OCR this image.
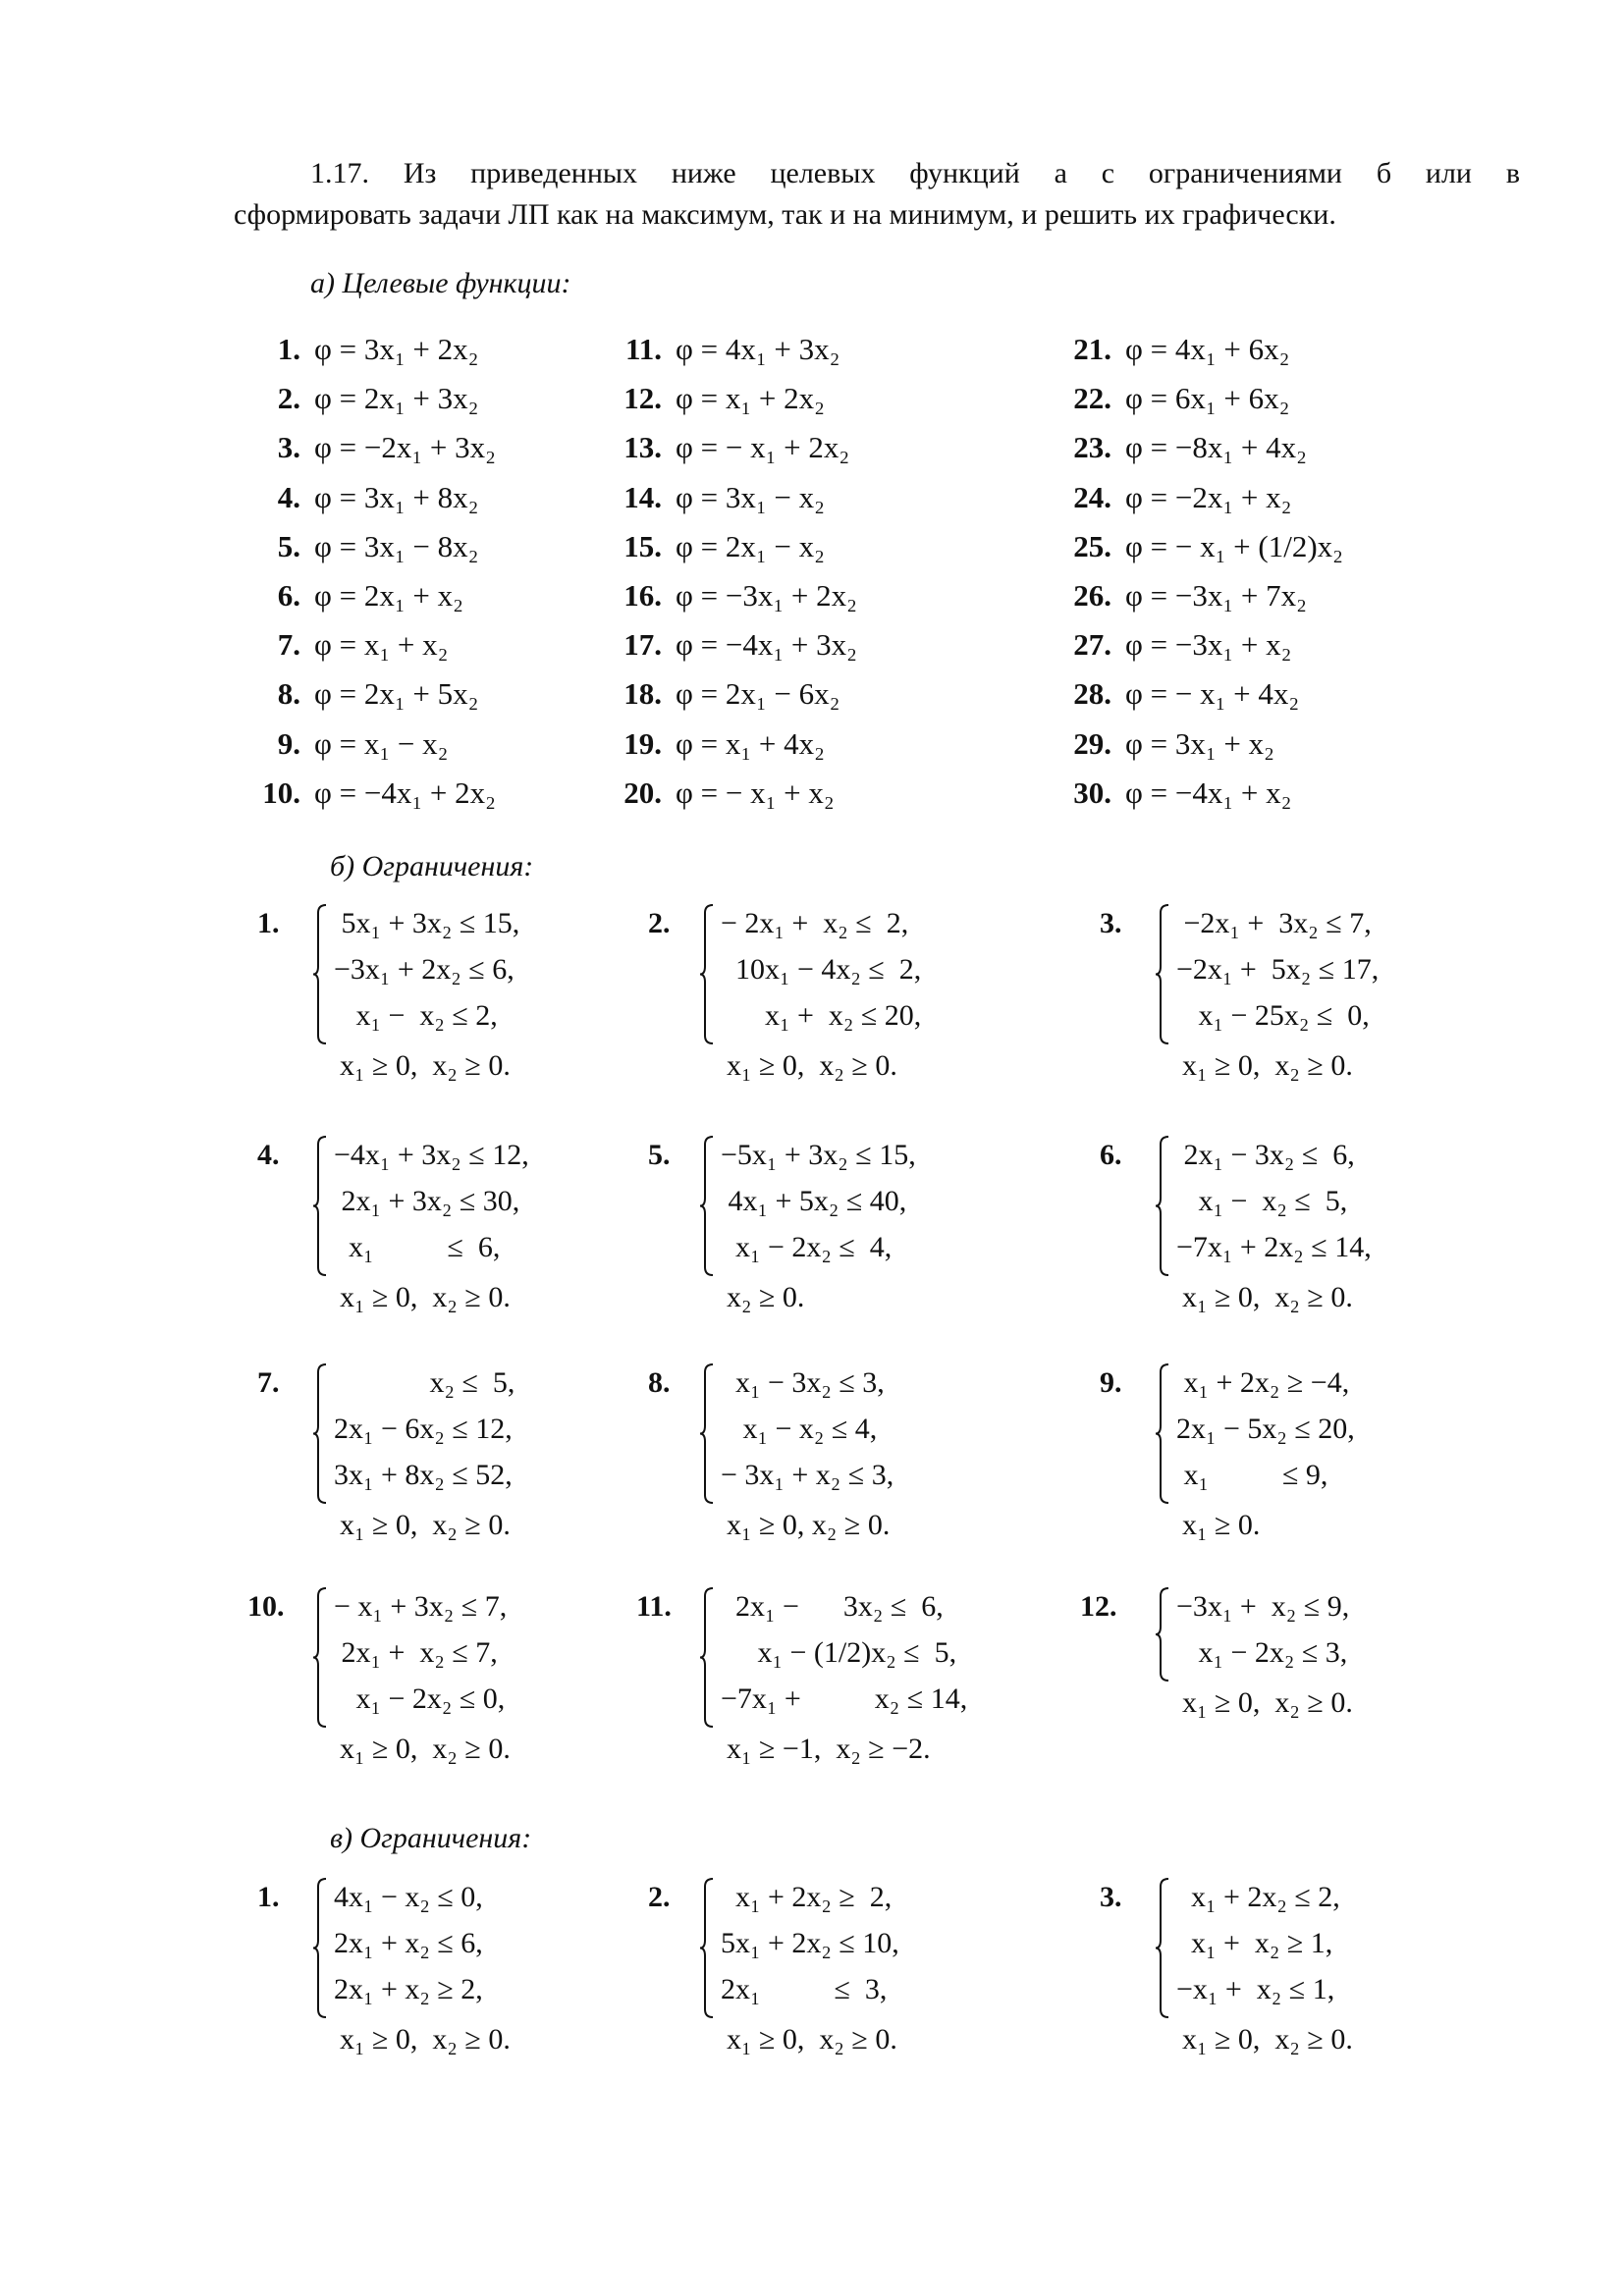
1.17. Из приведенных ниже целевых функций а с ограничениями б или в

сформировать задачи ЛП как на максимум, так и на минимум, и решить их графически.

а) Целевые функции:
1. φ = 3x₁ + 2x₂
2. φ = 2x₁ + 3x₂
3. φ = −2x₁ + 3x₂
4. φ = 3x₁ + 8x₂
5. φ = 3x₁ − 8x₂
6. φ = 2x₁ + x₂
7. φ = x₁ + x₂
8. φ = 2x₁ + 5x₂
9. φ = x₁ − x₂
10. φ = −4x₁ + 2x₂
11. φ = 4x₁ + 3x₂
12. φ = x₁ + 2x₂
13. φ = − x₁ + 2x₂
14. φ = 3x₁ − x₂
15. φ = 2x₁ − x₂
16. φ = −3x₁ + 2x₂
17. φ = −4x₁ + 3x₂
18. φ = 2x₁ − 6x₂
19. φ = x₁ + 4x₂
20. φ = − x₁ + x₂
21. φ = 4x₁ + 6x₂
22. φ = 6x₁ + 6x₂
23. φ = −8x₁ + 4x₂
24. φ = −2x₁ + x₂
25. φ = − x₁ + (1/2)x₂
26. φ = −3x₁ + 7x₂
27. φ = −3x₁ + x₂
28. φ = − x₁ + 4x₂
29. φ = 3x₁ + x₂
30. φ = −4x₁ + x₂
б) Ограничения:
1. 5x₁ + 3x₂ ≤ 15,
−3x₁ + 2x₂ ≤ 6,
x₁ −  x₂ ≤ 2,
x₁ ≥ 0,  x₂ ≥ 0.
2. − 2x₁ +  x₂ ≤  2,
10x₁ − 4x₂ ≤  2,
x₁ +  x₂ ≤ 20,
x₁ ≥ 0,  x₂ ≥ 0.
3. −2x₁ +  3x₂ ≤ 7,
−2x₁ +  5x₂ ≤ 17,
x₁ − 25x₂ ≤  0,
x₁ ≥ 0,  x₂ ≥ 0.
4. −4x₁ + 3x₂ ≤ 12,
2x₁ + 3x₂ ≤ 30,
x₁          ≤  6,
x₁ ≥ 0,  x₂ ≥ 0.
5. −5x₁ + 3x₂ ≤ 15,
4x₁ + 5x₂ ≤ 40,
x₁ − 2x₂ ≤  4,
x₂ ≥ 0.
6. 2x₁ − 3x₂ ≤  6,
x₁ −  x₂ ≤  5,
−7x₁ + 2x₂ ≤ 14,
x₁ ≥ 0,  x₂ ≥ 0.
7. x₂ ≤  5,
2x₁ − 6x₂ ≤ 12,
3x₁ + 8x₂ ≤ 52,
x₁ ≥ 0,  x₂ ≥ 0.
8. x₁ − 3x₂ ≤ 3,
x₁ − x₂ ≤ 4,
− 3x₁ + x₂ ≤ 3,
x₁ ≥ 0, x₂ ≥ 0.
9. x₁ + 2x₂ ≥ −4,
2x₁ − 5x₂ ≤ 20,
x₁          ≤ 9,
x₁ ≥ 0.
10. − x₁ + 3x₂ ≤ 7,
2x₁ +  x₂ ≤ 7,
x₁ − 2x₂ ≤ 0,
x₁ ≥ 0,  x₂ ≥ 0.
11. 2x₁ −      3x₂ ≤  6,
x₁ − (1/2)x₂ ≤  5,
−7x₁ +          x₂ ≤ 14,
x₁ ≥ −1,  x₂ ≥ −2.
12. −3x₁ +  x₂ ≤ 9,
x₁ − 2x₂ ≤ 3,
x₁ ≥ 0,  x₂ ≥ 0.
в) Ограничения:
1. 4x₁ − x₂ ≤ 0,
2x₁ + x₂ ≤ 6,
2x₁ + x₂ ≥ 2,
x₁ ≥ 0,  x₂ ≥ 0.
2. x₁ + 2x₂ ≥  2,
5x₁ + 2x₂ ≤ 10,
2x₁          ≤  3,
x₁ ≥ 0,  x₂ ≥ 0.
3. x₁ + 2x₂ ≤ 2,
x₁ +  x₂ ≥ 1,
−x₁ +  x₂ ≤ 1,
x₁ ≥ 0,  x₂ ≥ 0.
